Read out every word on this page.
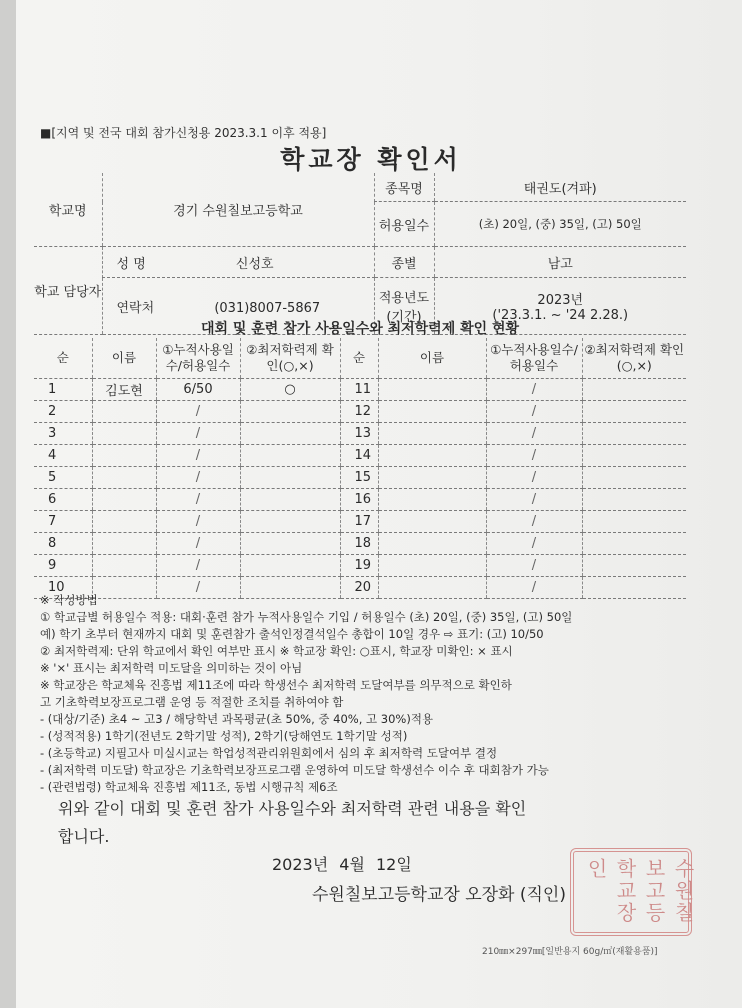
■[지역 및 전국 대회 참가신청용 2023.3.1 이후 적용]
학교장 확인서
학교명	경기 수원칠보고등학교	종목명	태권도(겨파)
		허용일수	(초) 20일, (중) 35일, (고) 50일
학교 담당자	성 명 신성호	종별	남고
	연락처 (031)8007-5867	적용년도 (기간)	2023년
('23.3.1. ~ '24 2.28.)
대회 및 훈련 참가 사용일수와 최저학력제 확인 현황
순	이름	①누적사용일수/허용일수	②최저학력제 확인(○,×)	순	이름	①누적사용일수/허용일수	②최저학력제 확인(○,×)
1	김도현	6/50	○	11		/	
2		/		12		/	
3		/		13		/	
4		/		14		/	
5		/		15		/	
6		/		16		/	
7		/		17		/	
8		/		18		/	
9		/		19		/	
10		/		20		/	
※ 작성방법
① 학교급별 허용일수 적용: 대회·훈련 참가 누적사용일수 기입 / 허용일수 (초) 20일, (중) 35일, (고) 50일
예) 학기 초부터 현재까지 대회 및 훈련참가 출석인정결석일수 총합이 10일 경우 ⇨ 표기: (고) 10/50
② 최저학력제: 단위 학교에서 확인 여부만 표시 ※ 학교장 확인: ○표시, 학교장 미확인: × 표시
※ '×' 표시는 최저학력 미도달을 의미하는 것이 아님
※ 학교장은 학교체육 진흥법 제11조에 따라 학생선수 최저학력 도달여부를 의무적으로 확인하
고 기초학력보장프로그램 운영 등 적절한 조치를 취하여야 함
- (대상/기준) 초4 ~ 고3 / 해당학년 과목평균(초 50%, 중 40%, 고 30%)적용
- (성적적용) 1학기(전년도 2학기말 성적), 2학기(당해연도 1학기말 성적)
- (초등학교) 지필고사 미실시교는 학업성적관리위원회에서 심의 후 최저학력 도달여부 결정
- (최저학력 미도달) 학교장은 기초학력보장프로그램 운영하여 미도달 학생선수 이수 후 대회참가 가능
- (관련법령) 학교체육 진흥법 제11조, 동법 시행규칙 제6조
위와 같이 대회 및 훈련 참가 사용일수와 최저학력 관련 내용을 확인
합니다.
2023년 4월 12일
수원칠보고등학교장 오장화 (직인)	수원칠보고등학교장인
210㎜×297㎜[일반용지 60g/㎡(재활용품)]
